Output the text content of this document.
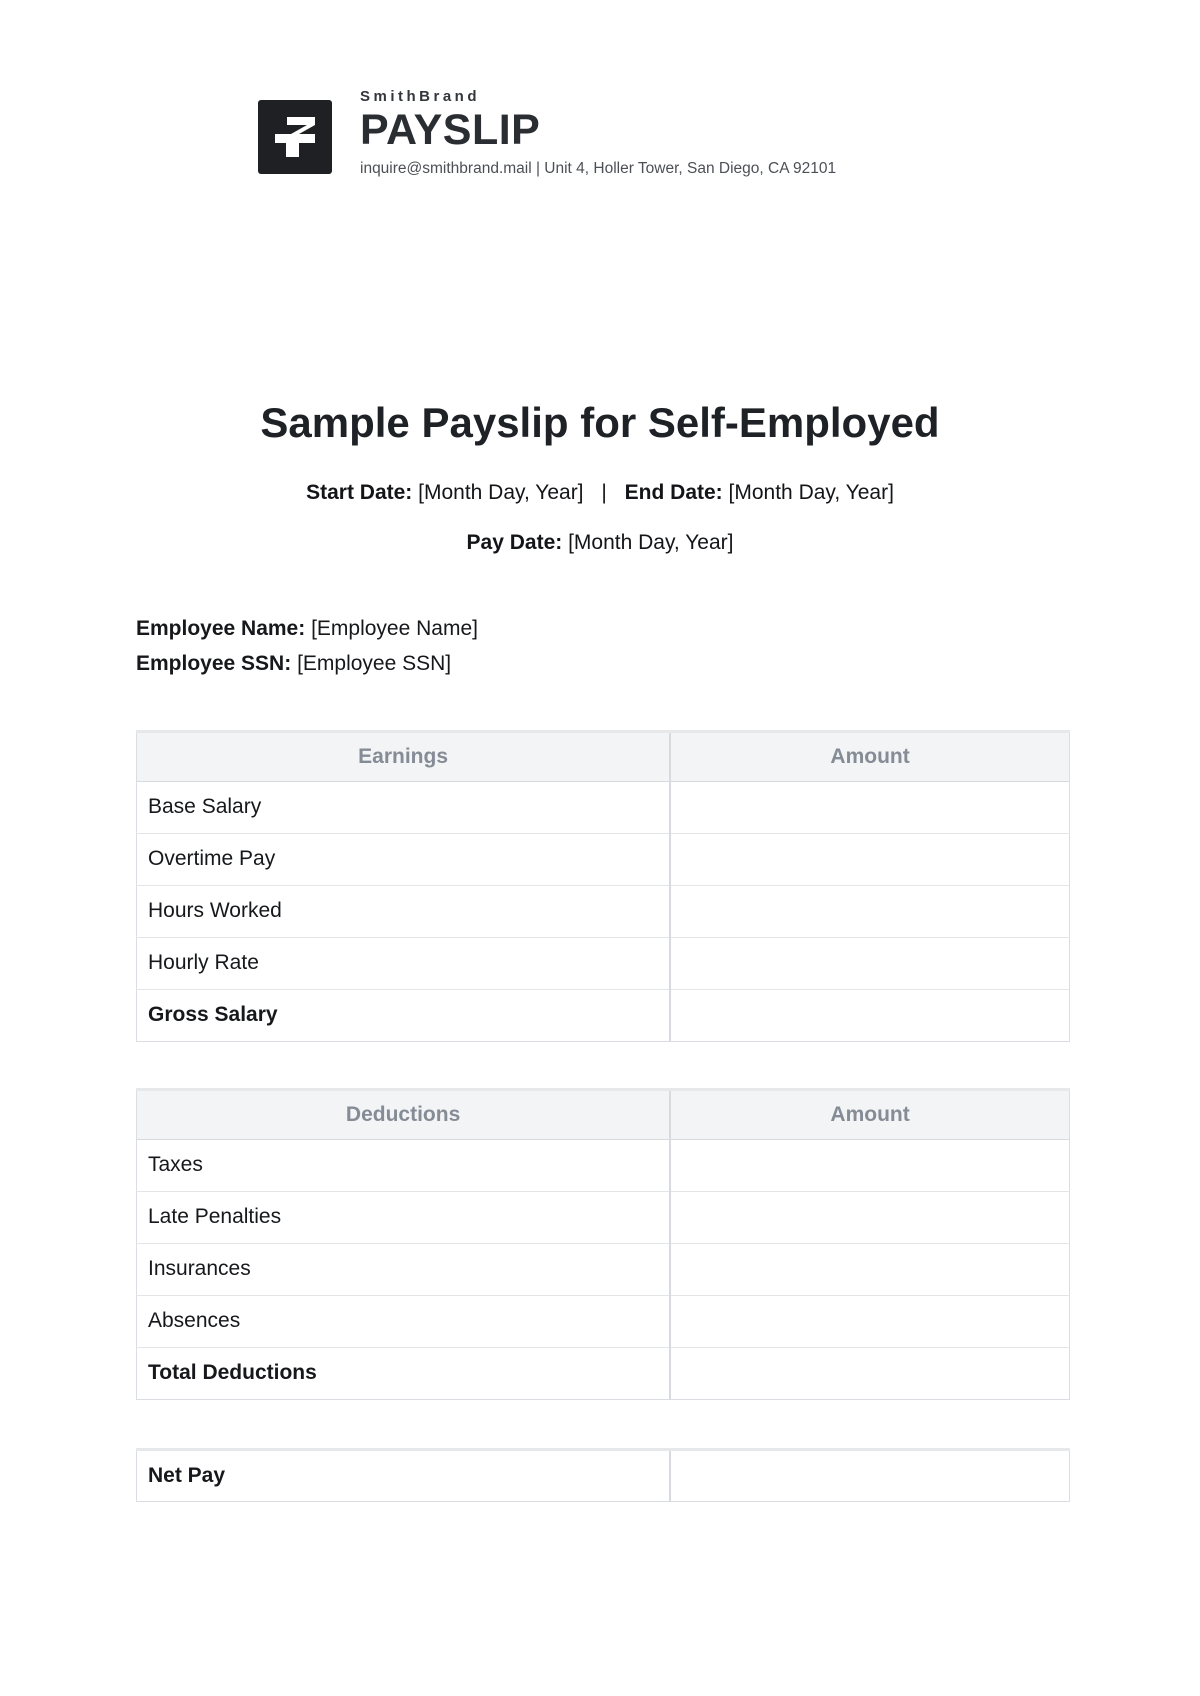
SmithBrand
PAYSLIP
inquire@smithbrand.mail | Unit 4, Holler Tower, San Diego, CA 92101
Sample Payslip for Self-Employed
Start Date: [Month Day, Year] | End Date: [Month Day, Year]
Pay Date: [Month Day, Year]

Employee Name: [Employee Name]

Employee SSN: [Employee SSN]

Earnings	Amount
Base Salary	
Overtime Pay	
Hours Worked	
Hourly Rate	
Gross Salary	
Deductions	Amount
Taxes	
Late Penalties	
Insurances	
Absences	
Total Deductions	
Net Pay	
